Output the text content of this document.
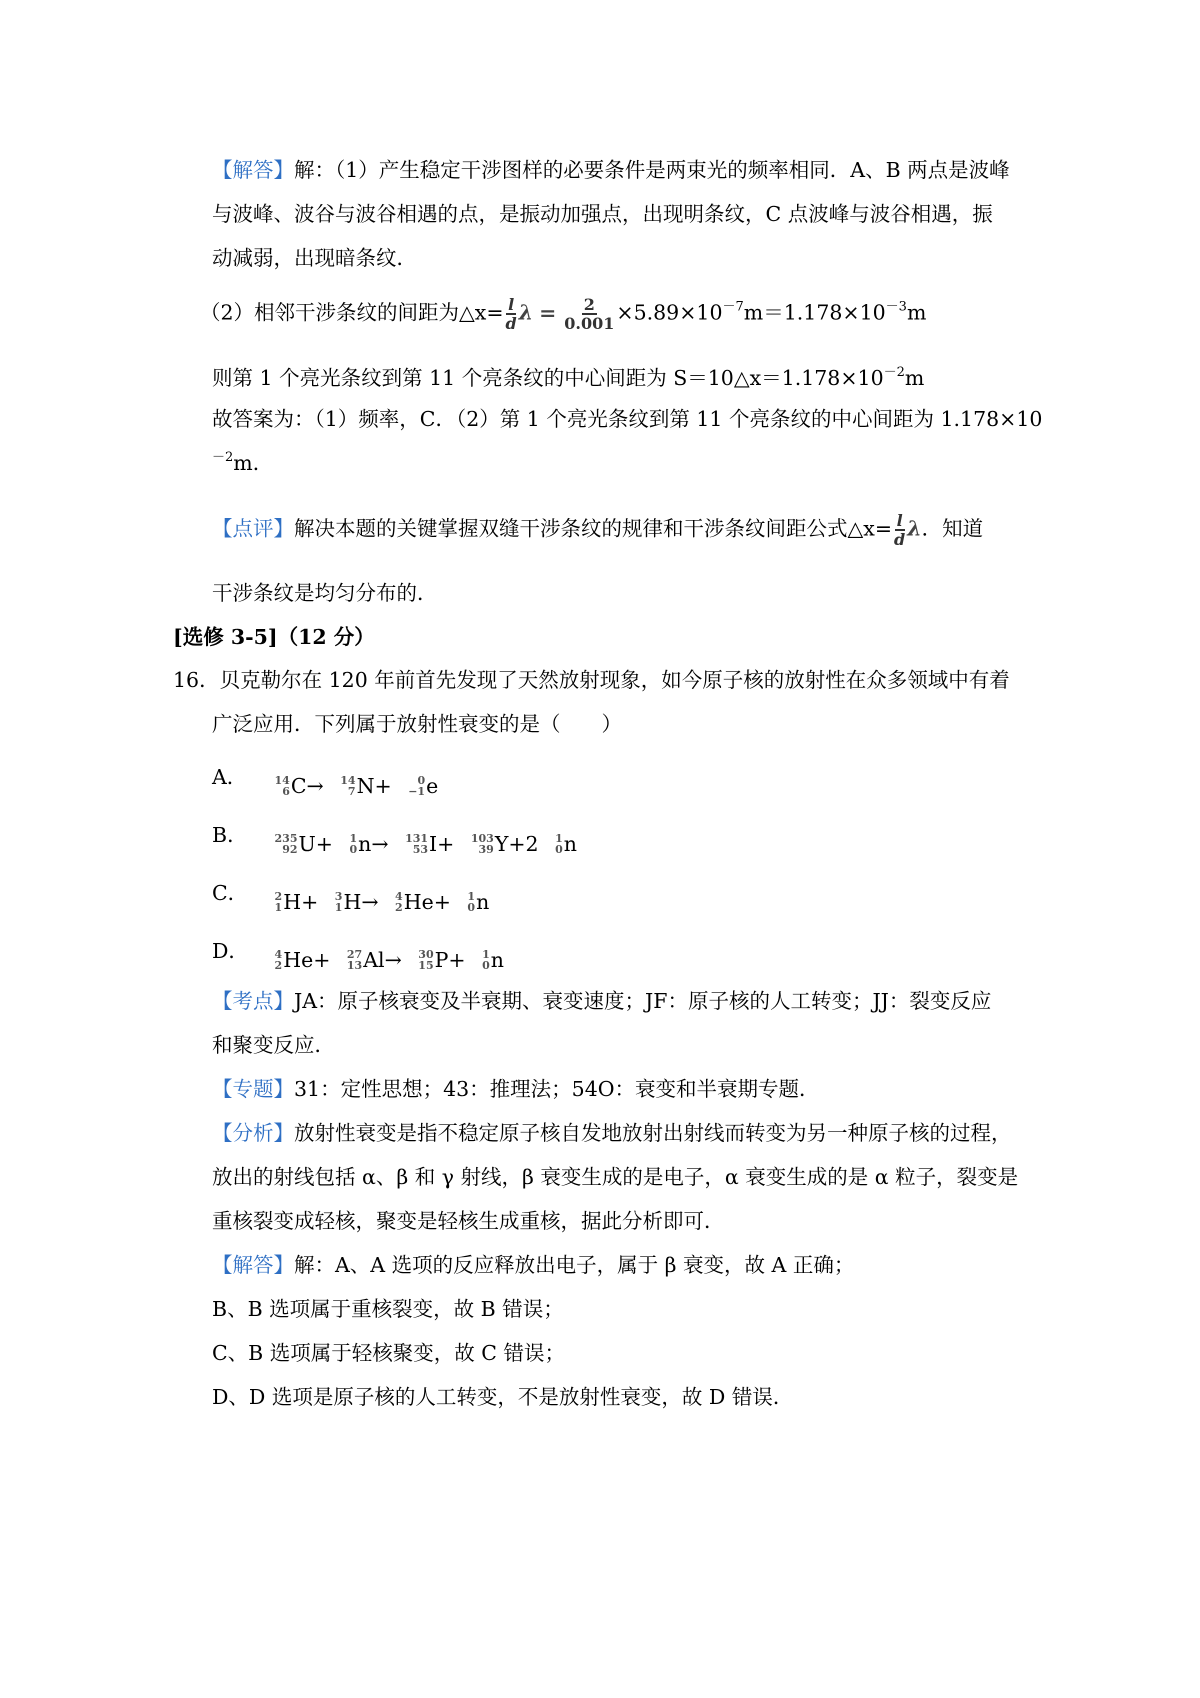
【解答】解：（1）产生稳定干涉图样的必要条件是两束光的频率相同．A、B 两点是波峰
与波峰、波谷与波谷相遇的点，是振动加强点，出现明条纹，C 点波峰与波谷相遇，振
动减弱，出现暗条纹．
（2）相邻干涉条纹的间距为△x= $\frac{l}{d}$ $\lambda = \frac{2}{0.001} \times 5.89\times 10^{-7}m=1.178\times 10^{-3}m$
则第 1 个亮光条纹到第 11 个亮条纹的中心间距为 $S=10\triangle x=1.178\times 10^{-2}m$
故答案为：（1）频率，C．（2）第 1 个亮光条纹到第 11 个亮条纹的中心间距为 1.178×10
$^{-2}$m．
【点评】解决本题的关键掌握双缝干涉条纹的规律和干涉条纹间距公式△x= $\frac{l}{d}$ λ．知道
干涉条纹是均匀分布的．
[选修 3-5]（12 分）
16．贝克勒尔在 120 年前首先发现了天然放射现象，如今原子核的放射性在众多领域中有着
广泛应用．下列属于放射性衰变的是（　　）
A． 14
6 C→
14
7 N+
	0
−1 e
B． 235
92 U+
1
0 n→
131
53 I+
103
39 Y+2
1
0 n
C． 2
1 H+
3
1 H→
4
2 He+
1
0 n
D． 4
2 He+
27
13 Al→
30
15 P+
1
0 n
【考点】JA：原子核衰变及半衰期、衰变速度；JF：原子核的人工转变；JJ：裂变反应
和聚变反应．
【专题】31：定性思想；43：推理法；54O：衰变和半衰期专题．
【分析】放射性衰变是指不稳定原子核自发地放射出射线而转变为另一种原子核的过程，
放出的射线包括 α、β 和 γ 射线，β 衰变生成的是电子，α 衰变生成的是 α 粒子，裂变是
重核裂变成轻核，聚变是轻核生成重核，据此分析即可．
【解答】解：A、A 选项的反应释放出电子，属于 β 衰变，故 A 正确；
B、B 选项属于重核裂变，故 B 错误；
C、B 选项属于轻核聚变，故 C 错误；
D、D 选项是原子核的人工转变，不是放射性衰变，故 D 错误．
